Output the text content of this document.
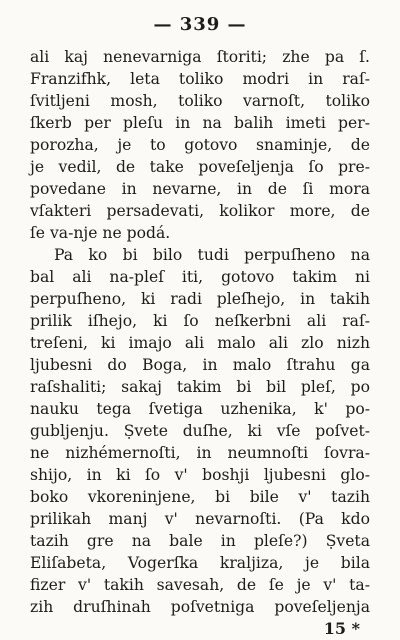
— 339 —
ali kaj nenevarniga ſtoriti; zhe pa ſ.
Franzifhk, leta toliko modri in raſ-
ſvitljeni mosh, toliko varnoſt, toliko
ſkerb per pleſu in na balih imeti per-
porozha, je to gotovo snaminje, de
je vedil, de take poveſeljenja ſo pre-
povedane in nevarne, in de ſi mora
vſakteri persadevati, kolikor more, de
ſe va-nje ne podá.
Pa ko bi bilo tudi perpuſheno na
bal ali na-pleſ iti, gotovo takim ni
perpuſheno, ki radi pleſhejo, in takih
prilik iſhejo, ki ſo neſkerbni ali raſ-
treſeni, ki imajo ali malo ali zlo nizh
ljubesni do Boga, in malo ſtrahu ga
raſshaliti; sakaj takim bi bil pleſ, po
nauku tega ſvetiga uzhenika, k' po-
gubljenju. Ṣvete duſhe, ki vſe poſvet-
ne nizhémernoſti, in neumnoſti ſovra-
shijo, in ki ſo v' boshji ljubesni glo-
boko vkoreninjene, bi bile v' tazih
prilikah manj v' nevarnoſti. (Pa kdo
tazih gre na bale in pleſe?) Ṣveta
Eliſabeta, Vogerſka kraljiza, je bila
fizer v' takih savesah, de ſe je v' ta-
zih druſhinah poſvetniga poveſeljenja
15 *
